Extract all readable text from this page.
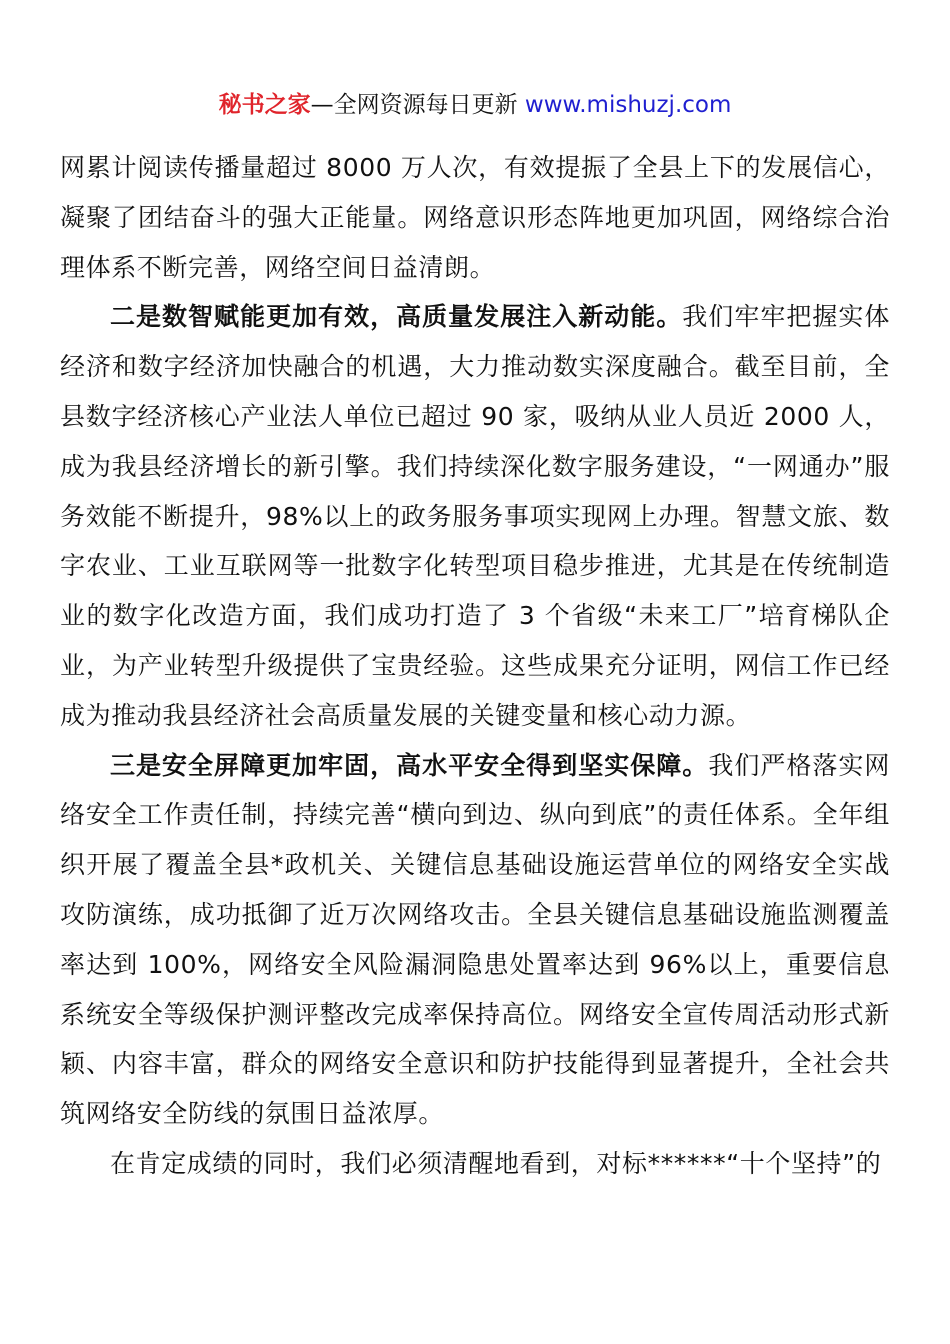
秘书之家—全网资源每日更新 www.mishuzj.com

网累计阅读传播量超过 8000 万人次，有效提振了全县上下的发展信心，凝聚了团结奋斗的强大正能量。网络意识形态阵地更加巩固，网络综合治理体系不断完善，网络空间日益清朗。

二是数智赋能更加有效，高质量发展注入新动能。我们牢牢把握实体经济和数字经济加快融合的机遇，大力推动数实深度融合。截至目前，全县数字经济核心产业法人单位已超过 90 家，吸纳从业人员近 2000 人，成为我县经济增长的新引擎。我们持续深化数字服务建设，“一网通办”服务效能不断提升，98%以上的政务服务事项实现网上办理。智慧文旅、数字农业、工业互联网等一批数字化转型项目稳步推进，尤其是在传统制造业的数字化改造方面，我们成功打造了 3 个省级“未来工厂”培育梯队企业，为产业转型升级提供了宝贵经验。这些成果充分证明，网信工作已经成为推动我县经济社会高质量发展的关键变量和核心动力源。

三是安全屏障更加牢固，高水平安全得到坚实保障。我们严格落实网络安全工作责任制，持续完善“横向到边、纵向到底”的责任体系。全年组织开展了覆盖全县*政机关、关键信息基础设施运营单位的网络安全实战攻防演练，成功抵御了近万次网络攻击。全县关键信息基础设施监测覆盖率达到 100%，网络安全风险漏洞隐患处置率达到 96%以上，重要信息系统安全等级保护测评整改完成率保持高位。网络安全宣传周活动形式新颖、内容丰富，群众的网络安全意识和防护技能得到显著提升，全社会共筑网络安全防线的氛围日益浓厚。

在肯定成绩的同时，我们必须清醒地看到，对标******“十个坚持”的
